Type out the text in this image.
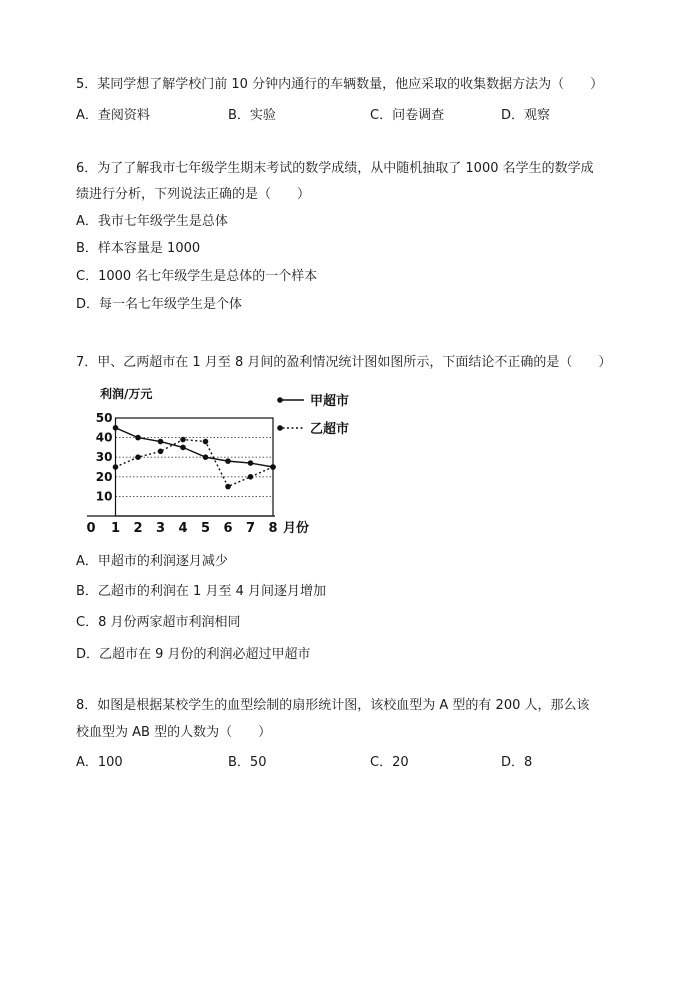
5．某同学想了解学校门前 10 分钟内通行的车辆数量，他应采取的收集数据方法为（　　）
A．查阅资料	B．实验	C．问卷调查	D．观察
6．为了了解我市七年级学生期末考试的数学成绩，从中随机抽取了 1000 名学生的数学成
绩进行分析，下列说法正确的是（　　）
A．我市七年级学生是总体
B．样本容量是 1000
C．1000 名七年级学生是总体的一个样本
D．每一名七年级学生是个体
7．甲、乙两超市在 1 月至 8 月间的盈利情况统计图如图所示，下面结论不正确的是（　　）
10
20
30
40
50
1 2 3 4 5 6 7 8
利润/万元
月份
0
甲超市
乙超市
A．甲超市的利润逐月减少
B．乙超市的利润在 1 月至 4 月间逐月增加
C．8 月份两家超市利润相同
D．乙超市在 9 月份的利润必超过甲超市
8．如图是根据某校学生的血型绘制的扇形统计图，该校血型为 A 型的有 200 人，那么该
校血型为 AB 型的人数为（　　）
A．100	B．50	C．20	D．8
